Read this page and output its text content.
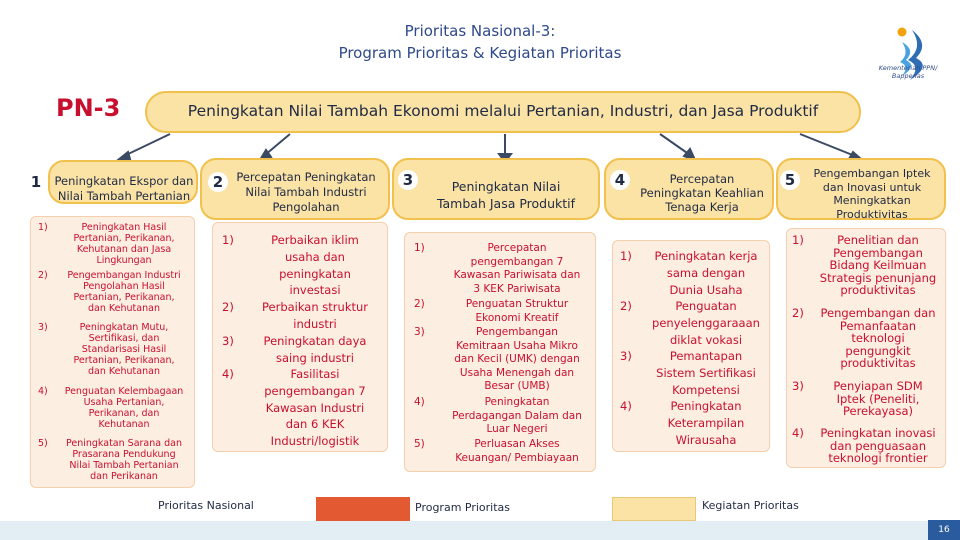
Prioritas Nasional-3:
Program Prioritas & Kegiatan Prioritas
Kementerian PPN/
Bappenas
PN-3	Peningkatan Nilai Tambah Ekonomi melalui Pertanian, Industri, dan Jasa Produktif
1	Peningkatan Ekspor dan
Nilai Tambah Pertanian
2	Percepatan Peningkatan
Nilai Tambah Industri
Pengolahan
3	Peningkatan Nilai
Tambah Jasa Produktif
4	Percepatan
Peningkatan Keahlian
Tenaga Kerja
5	Pengembangan Iptek
dan Inovasi untuk
Meningkatkan
Produktivitas
1)	Peningkatan Hasil
Pertanian, Perikanan,
Kehutanan dan Jasa
Lingkungan
2)	Pengembangan Industri
Pengolahan Hasil
Pertanian, Perikanan,
dan Kehutanan
3)	Peningkatan Mutu,
Sertifikasi, dan
Standarisasi Hasil
Pertanian, Perikanan,
dan Kehutanan
4)	Penguatan Kelembagaan
Usaha Pertanian,
Perikanan, dan
Kehutanan
5)	Peningkatan Sarana dan
Prasarana Pendukung
Nilai Tambah Pertanian
dan Perikanan
1)	Perbaikan iklim
usaha dan
peningkatan
investasi
2)	Perbaikan struktur
industri
3)	Peningkatan daya
saing industri
4)	Fasilitasi
pengembangan 7
Kawasan Industri
dan 6 KEK
Industri/logistik
1)	Percepatan
pengembangan 7
Kawasan Pariwisata dan
3 KEK Pariwisata
2)	Penguatan Struktur
Ekonomi Kreatif
3)	Pengembangan
Kemitraan Usaha Mikro
dan Kecil (UMK) dengan
Usaha Menengah dan
Besar (UMB)
4)	Peningkatan
Perdagangan Dalam dan
Luar Negeri
5)	Perluasan Akses
Keuangan/ Pembiayaan
1)	Peningkatan kerja
sama dengan
Dunia Usaha
2)	Penguatan
penyelenggaraaan
diklat vokasi
3)	Pemantapan
Sistem Sertifikasi
Kompetensi
4)	Peningkatan
Keterampilan
Wirausaha
1)	Penelitian dan
Pengembangan
Bidang Keilmuan
Strategis penunjang
produktivitas
2)	Pengembangan dan
Pemanfaatan
teknologi
pengungkit
produktivitas
3)	Penyiapan SDM
Iptek (Peneliti,
Perekayasa)
4)	Peningkatan inovasi
dan penguasaan
teknologi frontier
Prioritas Nasional	Program Prioritas	Kegiatan Prioritas
16
